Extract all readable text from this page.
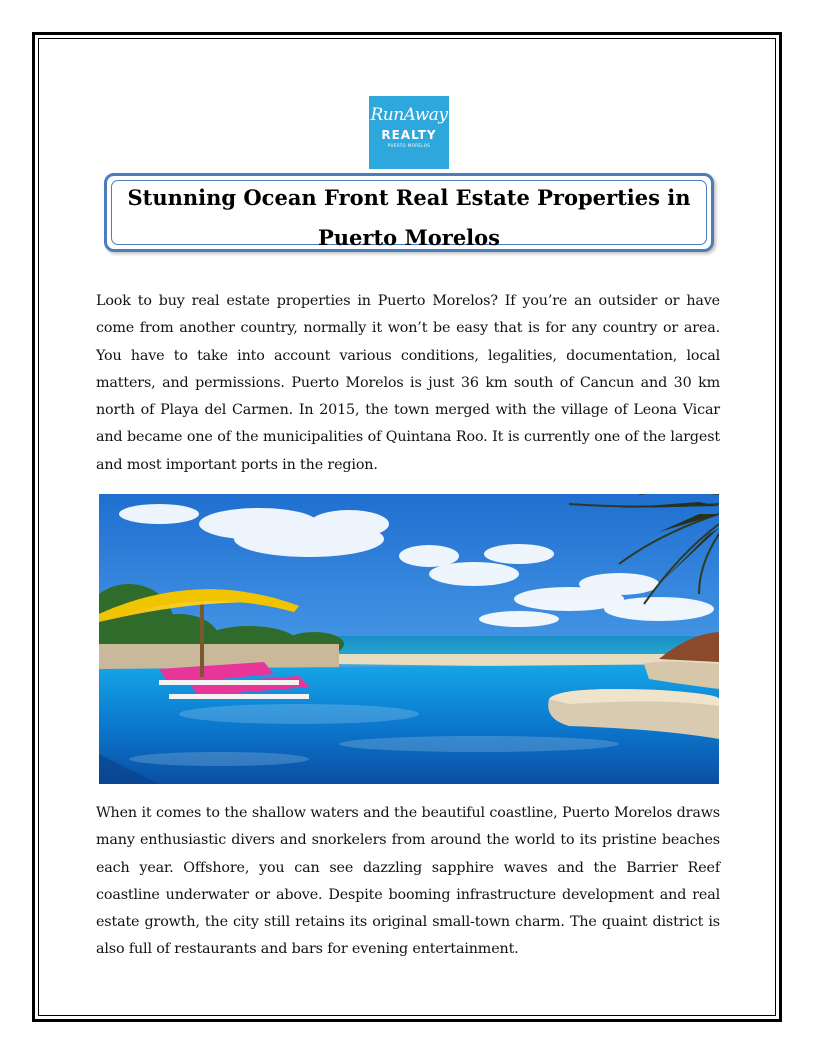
RunAway
REALTY
PUERTO MORELOS
Stunning Ocean Front Real Estate Properties in Puerto Morelos

Look to buy real estate properties in Puerto Morelos? If you’re an outsider or have come from another country, normally it won’t be easy that is for any country or area. You have to take into account various conditions, legalities, documentation, local matters, and permissions. Puerto Morelos is just 36 km south of Cancun and 30 km north of Playa del Carmen. In 2015, the town merged with the village of Leona Vicar and became one of the municipalities of Quintana Roo. It is currently one of the largest and most important ports in the region.

When it comes to the shallow waters and the beautiful coastline, Puerto Morelos draws many enthusiastic divers and snorkelers from around the world to its pristine beaches each year. Offshore, you can see dazzling sapphire waves and the Barrier Reef coastline underwater or above. Despite booming infrastructure development and real estate growth, the city still retains its original small-town charm. The quaint district is also full of restaurants and bars for evening entertainment.
